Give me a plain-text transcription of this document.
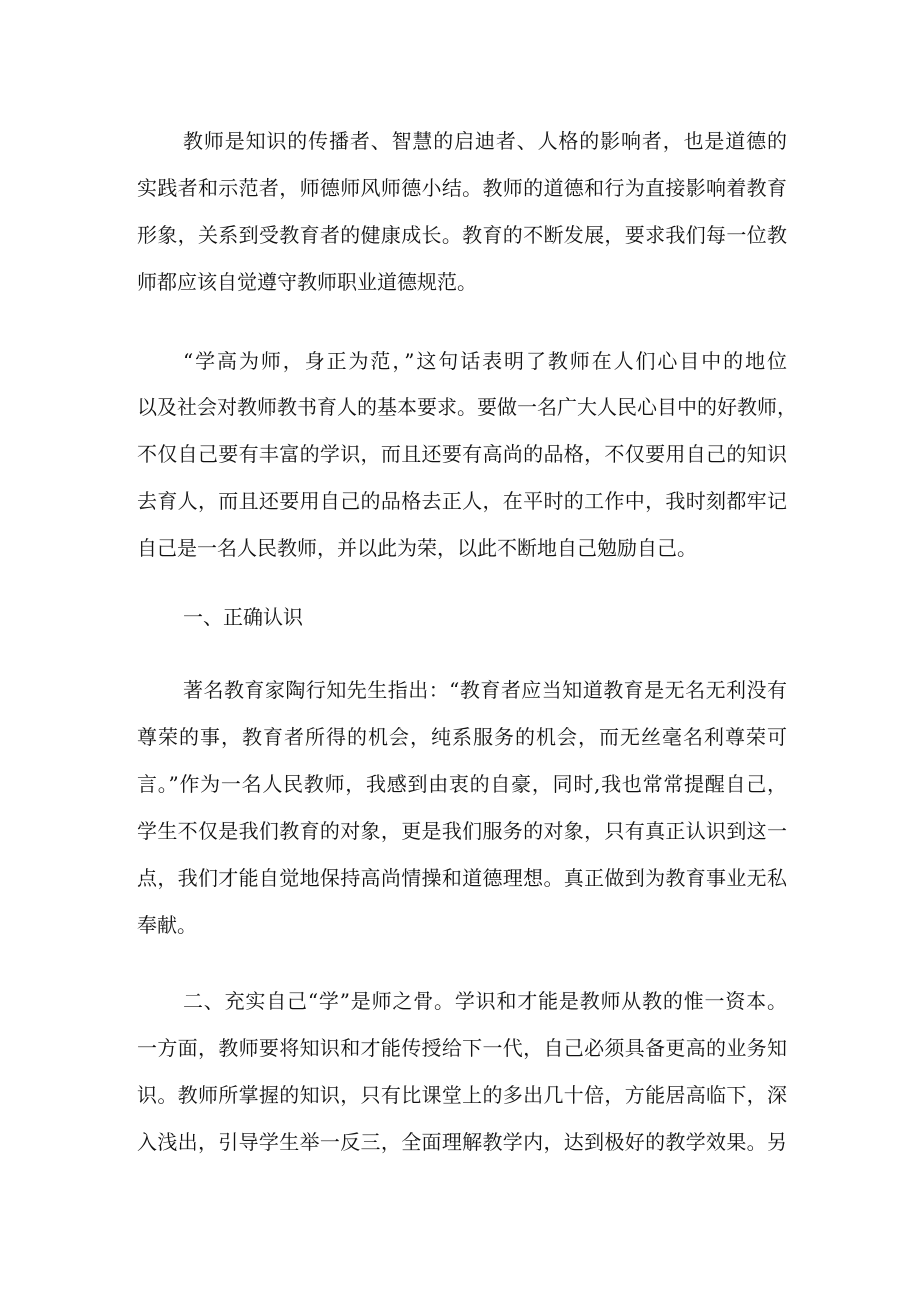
教师是知识的传播者、智慧的启迪者、人格的影响者，也是道德的
实践者和示范者，师德师风师德小结。教师的道德和行为直接影响着教育
形象，关系到受教育者的健康成长。教育的不断发展，要求我们每一位教
师都应该自觉遵守教师职业道德规范。
“学高为师，身正为范，”这句话表明了教师在人们心目中的地位
以及社会对教师教书育人的基本要求。要做一名广大人民心目中的好教师，
不仅自己要有丰富的学识，而且还要有高尚的品格，不仅要用自己的知识
去育人，而且还要用自己的品格去正人，在平时的工作中，我时刻都牢记
自己是一名人民教师，并以此为荣，以此不断地自己勉励自己。
一、正确认识
著名教育家陶行知先生指出：“教育者应当知道教育是无名无利没有
尊荣的事，教育者所得的机会，纯系服务的机会，而无丝毫名利尊荣可
言。”作为一名人民教师，我感到由衷的自豪，同时,我也常常提醒自己，
学生不仅是我们教育的对象，更是我们服务的对象，只有真正认识到这一
点，我们才能自觉地保持高尚情操和道德理想。真正做到为教育事业无私
奉献。
二、充实自己“学”是师之骨。学识和才能是教师从教的惟一资本。
一方面，教师要将知识和才能传授给下一代，自己必须具备更高的业务知
识。教师所掌握的知识，只有比课堂上的多出几十倍，方能居高临下，深
入浅出，引导学生举一反三，全面理解教学内，达到极好的教学效果。另
